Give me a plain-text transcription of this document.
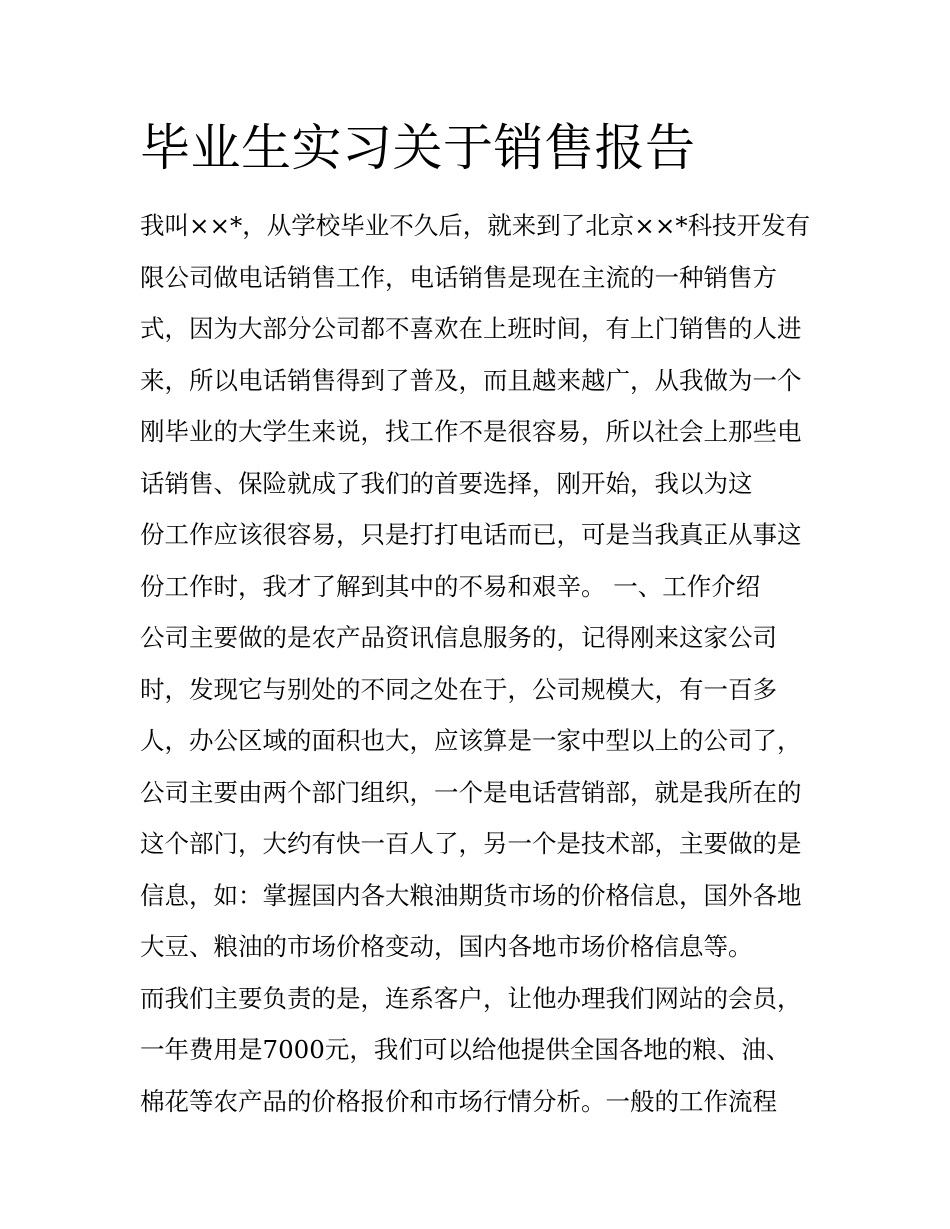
毕业生实习关于销售报告
我叫××*，从学校毕业不久后，就来到了北京××*科技开发有
限公司做电话销售工作，电话销售是现在主流的一种销售方
式，因为大部分公司都不喜欢在上班时间，有上门销售的人进
来，所以电话销售得到了普及，而且越来越广，从我做为一个
刚毕业的大学生来说，找工作不是很容易，所以社会上那些电
话销售、保险就成了我们的首要选择，刚开始，我以为这
份工作应该很容易，只是打打电话而已，可是当我真正从事这
份工作时，我才了解到其中的不易和艰辛。 一、工作介绍
公司主要做的是农产品资讯信息服务的，记得刚来这家公司
时，发现它与别处的不同之处在于，公司规模大，有一百多
人，办公区域的面积也大，应该算是一家中型以上的公司了，
公司主要由两个部门组织，一个是电话营销部，就是我所在的
这个部门，大约有快一百人了，另一个是技术部，主要做的是
信息，如：掌握国内各大粮油期货市场的价格信息，国外各地
大豆、粮油的市场价格变动，国内各地市场价格信息等。
而我们主要负责的是，连系客户，让他办理我们网站的会员，
一年费用是7000元，我们可以给他提供全国各地的粮、油、
棉花等农产品的价格报价和市场行情分析。一般的工作流程
